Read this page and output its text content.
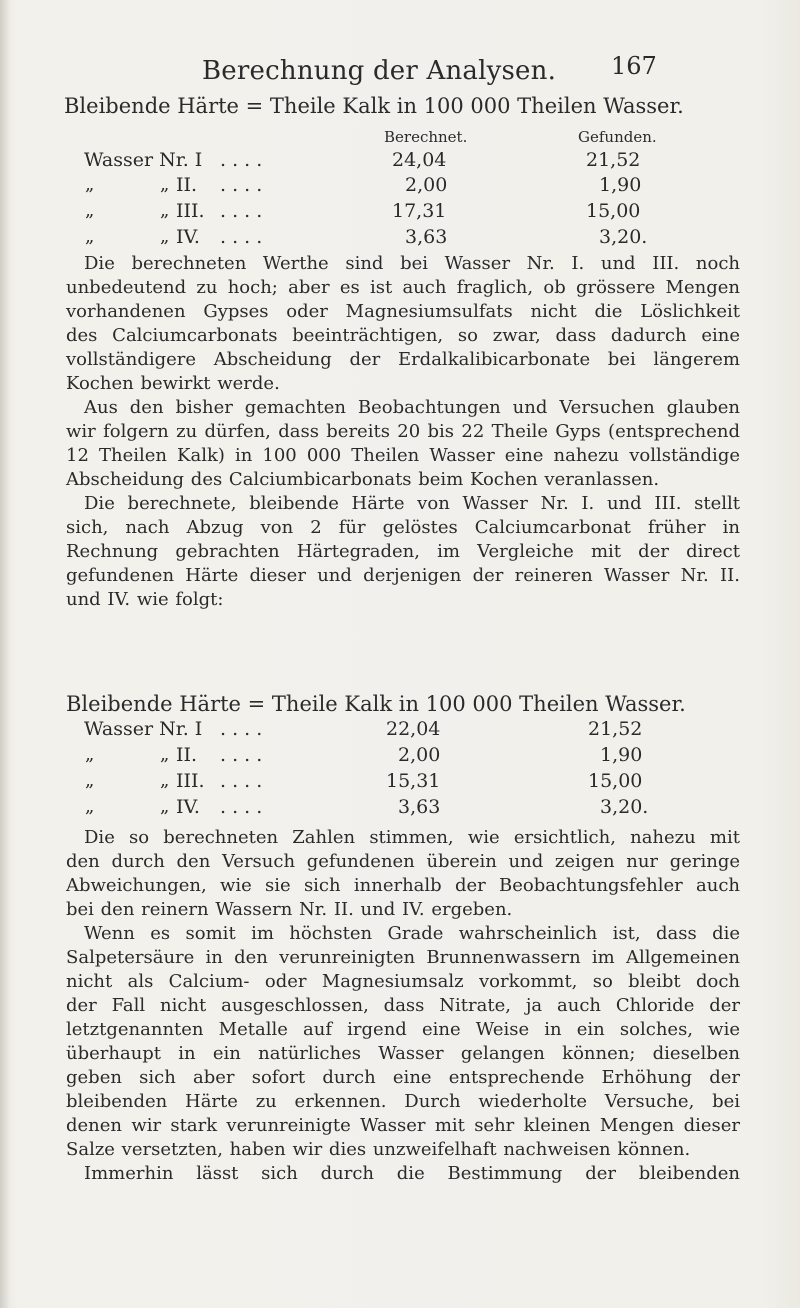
Berechnung der Analysen. 167
Bleibende Härte = Theile Kalk in 100 000 Theilen Wasser.
Berechnet.	Gefunden.
Wasser Nr. I . . . .	24,04	21,52
„	„ II. . . . .	2,00	1,90
„	„ III. . . . .	17,31	15,00
„	„ IV. . . . .	3,63	3,20.
Die berechneten Werthe sind bei Wasser Nr. I. und III. noch
unbedeutend zu hoch; aber es ist auch fraglich, ob grössere Mengen
vorhandenen Gypses oder Magnesiumsulfats nicht die Löslichkeit
des Calciumcarbonats beeinträchtigen, so zwar, dass dadurch eine
vollständigere Abscheidung der Erdalkalibicarbonate bei längerem
Kochen bewirkt werde.
Aus den bisher gemachten Beobachtungen und Versuchen glauben
wir folgern zu dürfen, dass bereits 20 bis 22 Theile Gyps (entsprechend
12 Theilen Kalk) in 100 000 Theilen Wasser eine nahezu vollständige
Abscheidung des Calciumbicarbonats beim Kochen veranlassen.
Die berechnete, bleibende Härte von Wasser Nr. I. und III. stellt
sich, nach Abzug von 2 für gelöstes Calciumcarbonat früher in
Rechnung gebrachten Härtegraden, im Vergleiche mit der direct
gefundenen Härte dieser und derjenigen der reineren Wasser Nr. II.
und IV. wie folgt:
Bleibende Härte = Theile Kalk in 100 000 Theilen Wasser.
Wasser Nr. I . . . .	22,04	21,52
„	„ II. . . . .	2,00	1,90
„	„ III. . . . .	15,31	15,00
„	„ IV. . . . .	3,63	3,20.
Die so berechneten Zahlen stimmen, wie ersichtlich, nahezu mit
den durch den Versuch gefundenen überein und zeigen nur geringe
Abweichungen, wie sie sich innerhalb der Beobachtungsfehler auch
bei den reinern Wassern Nr. II. und IV. ergeben.
Wenn es somit im höchsten Grade wahrscheinlich ist, dass die
Salpetersäure in den verunreinigten Brunnenwassern im Allgemeinen
nicht als Calcium- oder Magnesiumsalz vorkommt, so bleibt doch
der Fall nicht ausgeschlossen, dass Nitrate, ja auch Chloride der
letztgenannten Metalle auf irgend eine Weise in ein solches, wie
überhaupt in ein natürliches Wasser gelangen können; dieselben
geben sich aber sofort durch eine entsprechende Erhöhung der
bleibenden Härte zu erkennen. Durch wiederholte Versuche, bei
denen wir stark verunreinigte Wasser mit sehr kleinen Mengen dieser
Salze versetzten, haben wir dies unzweifelhaft nachweisen können.
Immerhin lässt sich durch die Bestimmung der bleibenden
